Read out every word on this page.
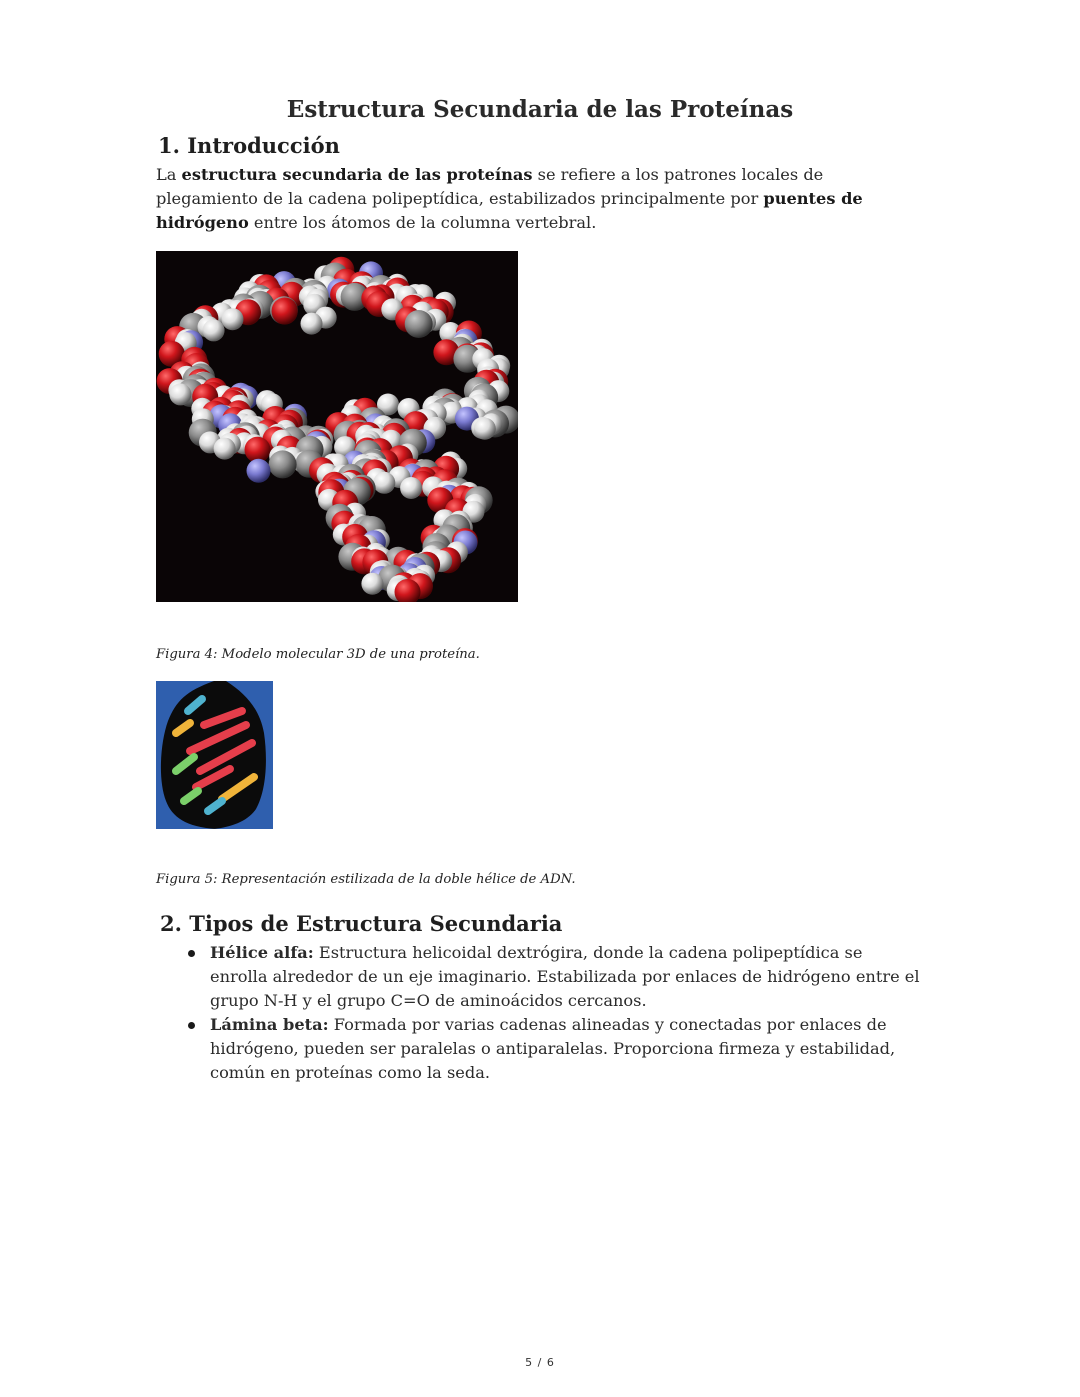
Estructura Secundaria de las Proteínas
1. Introducción

La estructura secundaria de las proteínas se refiere a los patrones locales de plegamiento de la cadena polipeptídica, estabilizados principalmente por puentes de hidrógeno entre los átomos de la columna vertebral.

Figura 4: Modelo molecular 3D de una proteína.

Figura 5: Representación estilizada de la doble hélice de ADN.

2. Tipos de Estructura Secundaria
Hélice alfa: Estructura helicoidal dextrógira, donde la cadena polipeptídica se enrolla alrededor de un eje imaginario. Estabilizada por enlaces de hidrógeno entre el grupo N-H y el grupo C=O de aminoácidos cercanos.
Lámina beta: Formada por varias cadenas alineadas y conectadas por enlaces de hidrógeno, pueden ser paralelas o antiparalelas. Proporciona firmeza y estabilidad, común en proteínas como la seda.
5 / 6
